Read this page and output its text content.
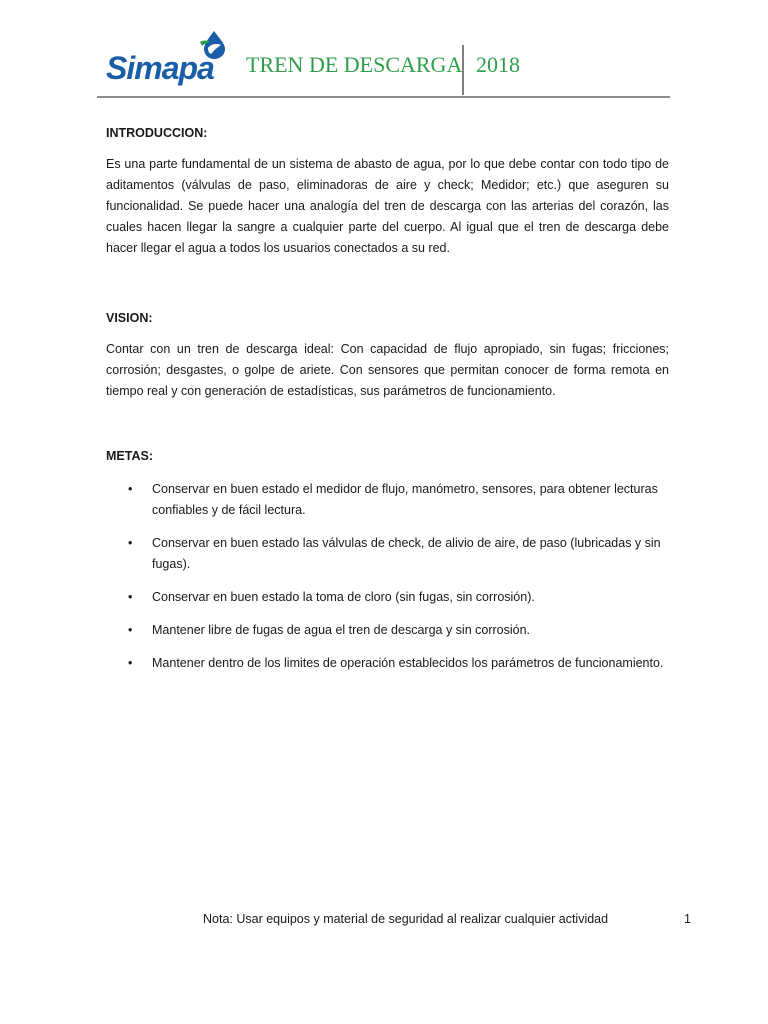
Simapa TREN DE DESCARGA 2018
INTRODUCCION:

Es una parte fundamental de un sistema de abasto de agua, por lo que debe contar con todo tipo de aditamentos (válvulas de paso, eliminadoras de aire y check; Medidor; etc.) que aseguren su funcionalidad. Se puede hacer una analogía del tren de descarga con las arterias del corazón, las cuales hacen llegar la sangre a cualquier parte del cuerpo. Al igual que el tren de descarga debe hacer llegar el agua a todos los usuarios conectados a su red.

VISION:

Contar con un tren de descarga ideal: Con capacidad de flujo apropiado, sin fugas; fricciones; corrosión; desgastes, o golpe de ariete. Con sensores que permitan conocer de forma remota en tiempo real y con generación de estadísticas, sus parámetros de funcionamiento.

METAS:
• Conservar en buen estado el medidor de flujo, manómetro, sensores, para obtener lecturas confiables y de fácil lectura.
• Conservar en buen estado las válvulas de check, de alivio de aire, de paso (lubricadas y sin fugas).
• Conservar en buen estado la toma de cloro (sin fugas, sin corrosión).
• Mantener libre de fugas de agua el tren de descarga y sin corrosión.
• Mantener dentro de los limites de operación establecidos los parámetros de funcionamiento.
Nota: Usar equipos y material de seguridad al realizar cualquier actividad	1
